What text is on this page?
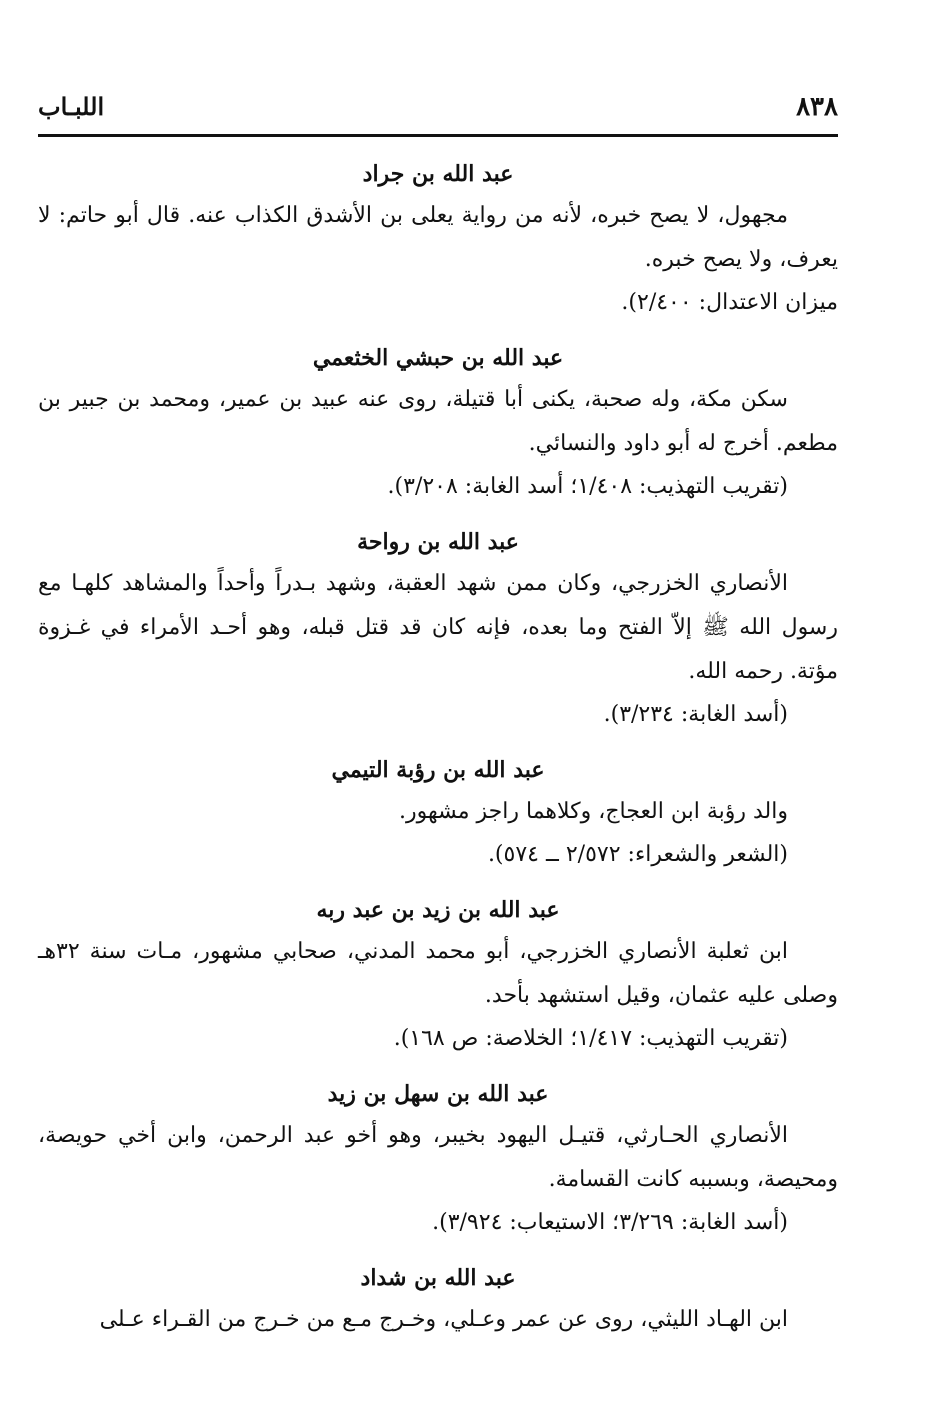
٨٣٨
اللبـاب

عبد الله بن جراد

مجهول، لا يصح خبره، لأنه من رواية يعلى بن الأشدق الكذاب عنه. قال أبو حاتم: لا يعرف، ولا يصح خبره.

ميزان الاعتدال: ٢/٤٠٠).

عبد الله بن حبشي الخثعمي

سكن مكة، وله صحبة، يكنى أبا قتيلة، روى عنه عبيد بن عمير، ومحمد بن جبير بن مطعم. أخرج له أبو داود والنسائي.

(تقريب التهذيب: ١/٤٠٨؛ أسد الغابة: ٣/٢٠٨).

عبد الله بن رواحة

الأنصاري الخزرجي، وكان ممن شهد العقبة، وشهد بـدراً وأحداً والمشاهد كلهـا مع رسول الله ﷺ إلاّ الفتح وما بعده، فإنه كان قد قتل قبله، وهو أحـد الأمراء في غـزوة مؤتة. رحمه الله.

(أسد الغابة: ٣/٢٣٤).

عبد الله بن رؤبة التيمي

والد رؤبة ابن العجاج، وكلاهما راجز مشهور.

(الشعر والشعراء: ٢/٥٧٢ ــ ٥٧٤).

عبد الله بن زيد بن عبد ربه

ابن ثعلبة الأنصاري الخزرجي، أبو محمد المدني، صحابي مشهور، مـات سنة ٣٢هـ وصلى عليه عثمان، وقيل استشهد بأحد.

(تقريب التهذيب: ١/٤١٧؛ الخلاصة: ص ١٦٨).

عبد الله بن سهل بن زيد

الأنصاري الحـارثي، قتيـل اليهود بخيبر، وهو أخو عبد الرحمن، وابن أخي حويصة، ومحيصة، وبسببه كانت القسامة.

(أسد الغابة: ٣/٢٦٩؛ الاستيعاب: ٣/٩٢٤).

عبد الله بن شداد

ابن الهـاد الليثي، روى عن عمر وعـلي، وخـرج مـع من خـرج من القـراء عـلى
